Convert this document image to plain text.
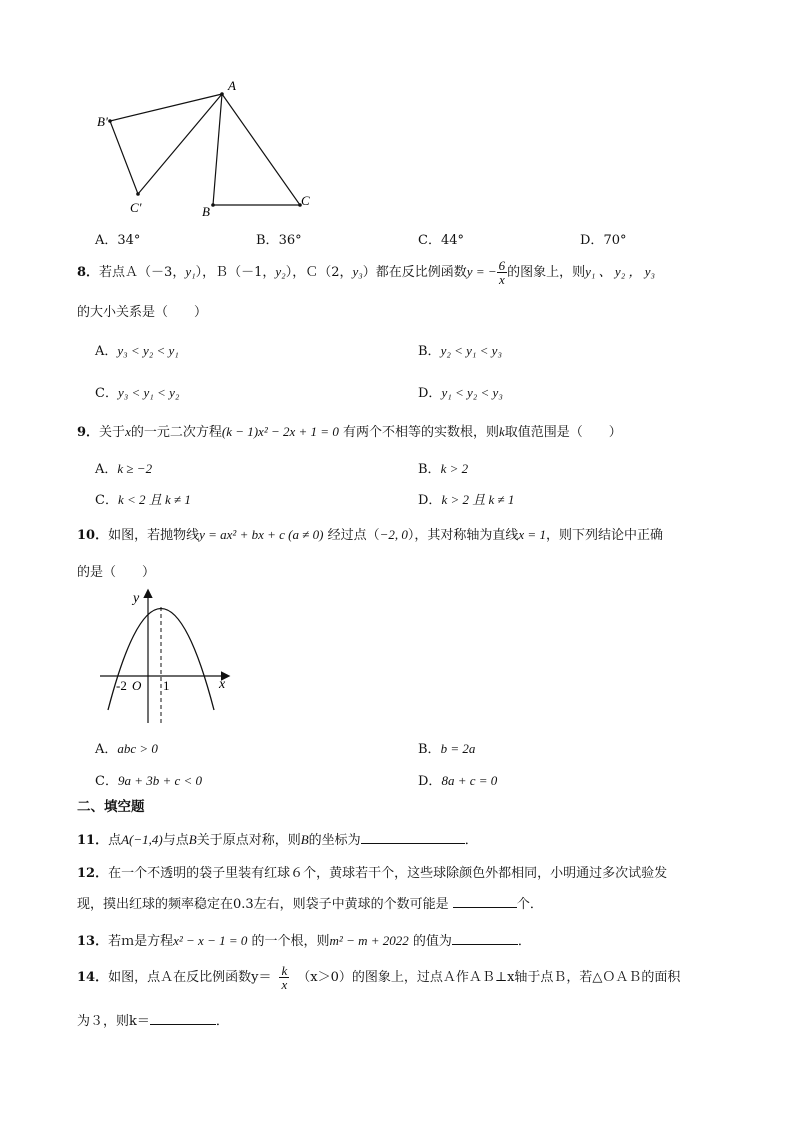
A
B'
C'	B
C
A．34°	B．36°	C．44°	D．70°
8．若点Ａ（－3，y₁），Ｂ（－1，y₂），Ｃ（2，y₃）都在反比例函数y = − $\frac{6}{x}$ 的图象上，则y₁ 、 y₂ ， y₃
的大小关系是（　　）
A．y₃ < y₂ < y₁	B．y₂ < y₁ < y₃
C．y₃ < y₁ < y₂	D．y₁ < y₂ < y₃
9．关于x的一元二次方程(k − 1)x² − 2x + 1 = 0 有两个不相等的实数根，则k取值范围是（　　）
A．k ≥ −2	B．k > 2
C．k < 2 且 k ≠ 1	D．k > 2 且 k ≠ 1
10．如图，若抛物线y = ax² + bx + c (a ≠ 0) 经过点（−2, 0），其对称轴为直线x = 1，则下列结论中正确
的是（　　）
y
x
-2 O 1
A．abc > 0	B．b = 2a
C．9a + 3b + c < 0	D．8a + c = 0
二、填空题
11．点A(−1,4)与点B关于原点对称，则B的坐标为	．
12．在一个不透明的袋子里装有红球６个，黄球若干个，这些球除颜色外都相同，小明通过多次试验发
现，摸出红球的频率稳定在0.3左右，则袋子中黄球的个数可能是	个．
13．若ｍ是方程x² − x − 1 = 0 的一个根，则m² − m + 2022 的值为	．
14．如图，点Ａ在反比例函数$y= \frac{k}{x} (x>0)$的图象上，过点Ａ作ＡＢ⊥x轴于点Ｂ，若△ＯＡＢ的面积
为３，则k＝	．
